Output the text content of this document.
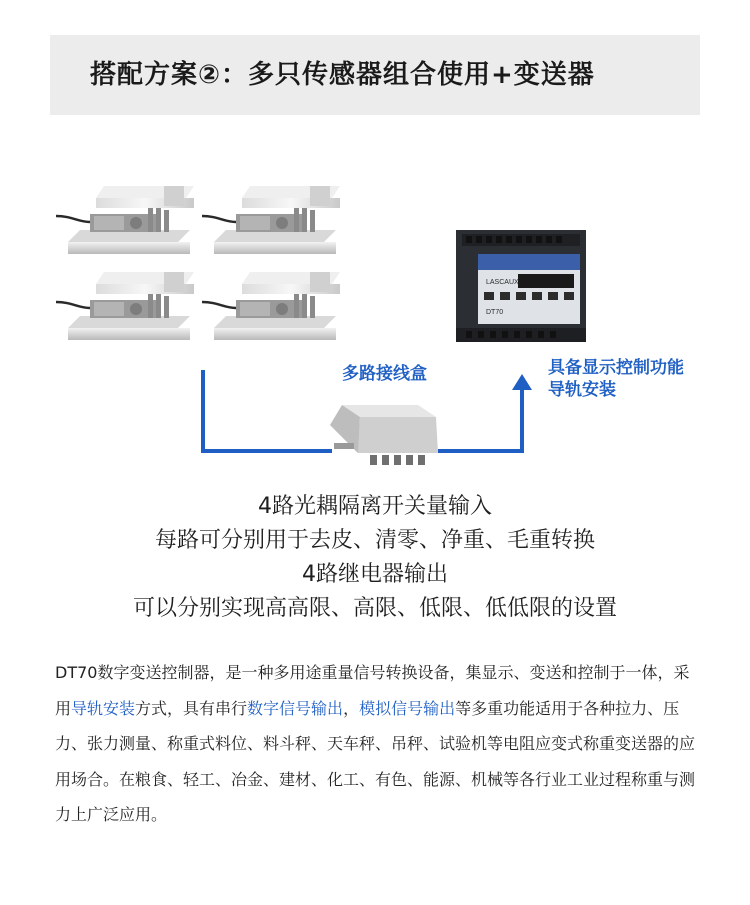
搭配方案②：多只传感器组合使用+变送器
LASCAUX
DT70
多路接线盒	具备显示控制功能
导轨安装
4路光耦隔离开关量输入
每路可分别用于去皮、清零、净重、毛重转换
4路继电器输出
可以分别实现高高限、高限、低限、低低限的设置
DT70数字变送控制器，是一种多用途重量信号转换设备，集显示、变送和控制于一体，采用导轨安装方式，具有串行数字信号输出，模拟信号输出等多重功能适用于各种拉力、压力、张力测量、称重式料位、料斗秤、天车秤、吊秤、试验机等电阻应变式称重变送器的应用场合。在粮食、轻工、冶金、建材、化工、有色、能源、机械等各行业工业过程称重与测力上广泛应用。
